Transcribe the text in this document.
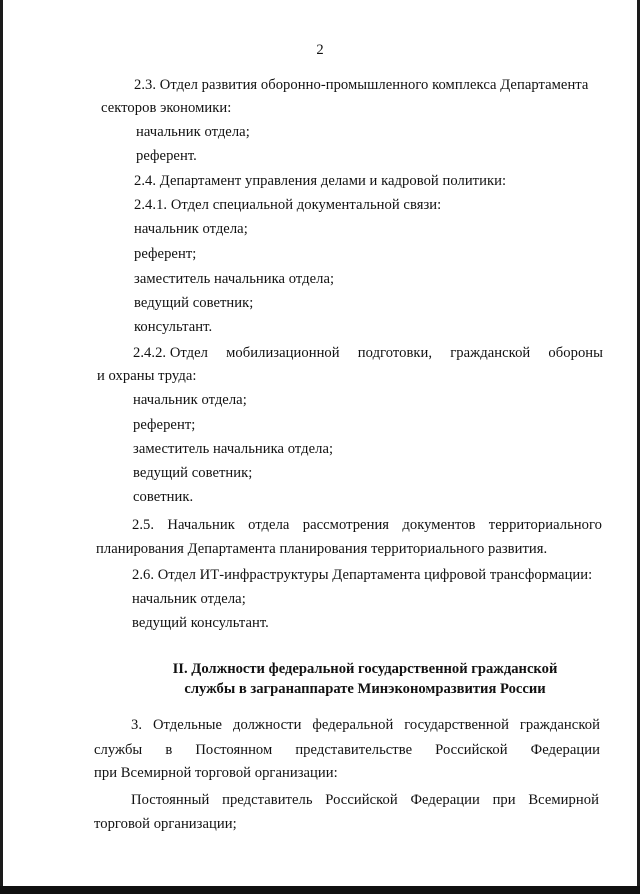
2
2.3. Отдел развития оборонно-промышленного комплекса Департамента
секторов экономики:
начальник отдела;
референт.
2.4. Департамент управления делами и кадровой политики:
2.4.1. Отдел специальной документальной связи:
начальник отдела;
референт;
заместитель начальника отдела;
ведущий советник;
консультант.
2.4.2. Отдел мобилизационной подготовки, гражданской обороны
и охраны труда:
начальник отдела;
референт;
заместитель начальника отдела;
ведущий советник;
советник.
2.5. Начальник отдела рассмотрения документов территориального
планирования Департамента планирования территориального развития.
2.6. Отдел ИТ-инфраструктуры Департамента цифровой трансформации:
начальник отдела;
ведущий консультант.
II. Должности федеральной государственной гражданской
службы в загранаппарате Минэкономразвития России
3. Отдельные должности федеральной государственной гражданской
службы в Постоянном представительстве Российской Федерации
при Всемирной торговой организации:
Постоянный представитель Российской Федерации при Всемирной
торговой организации;
